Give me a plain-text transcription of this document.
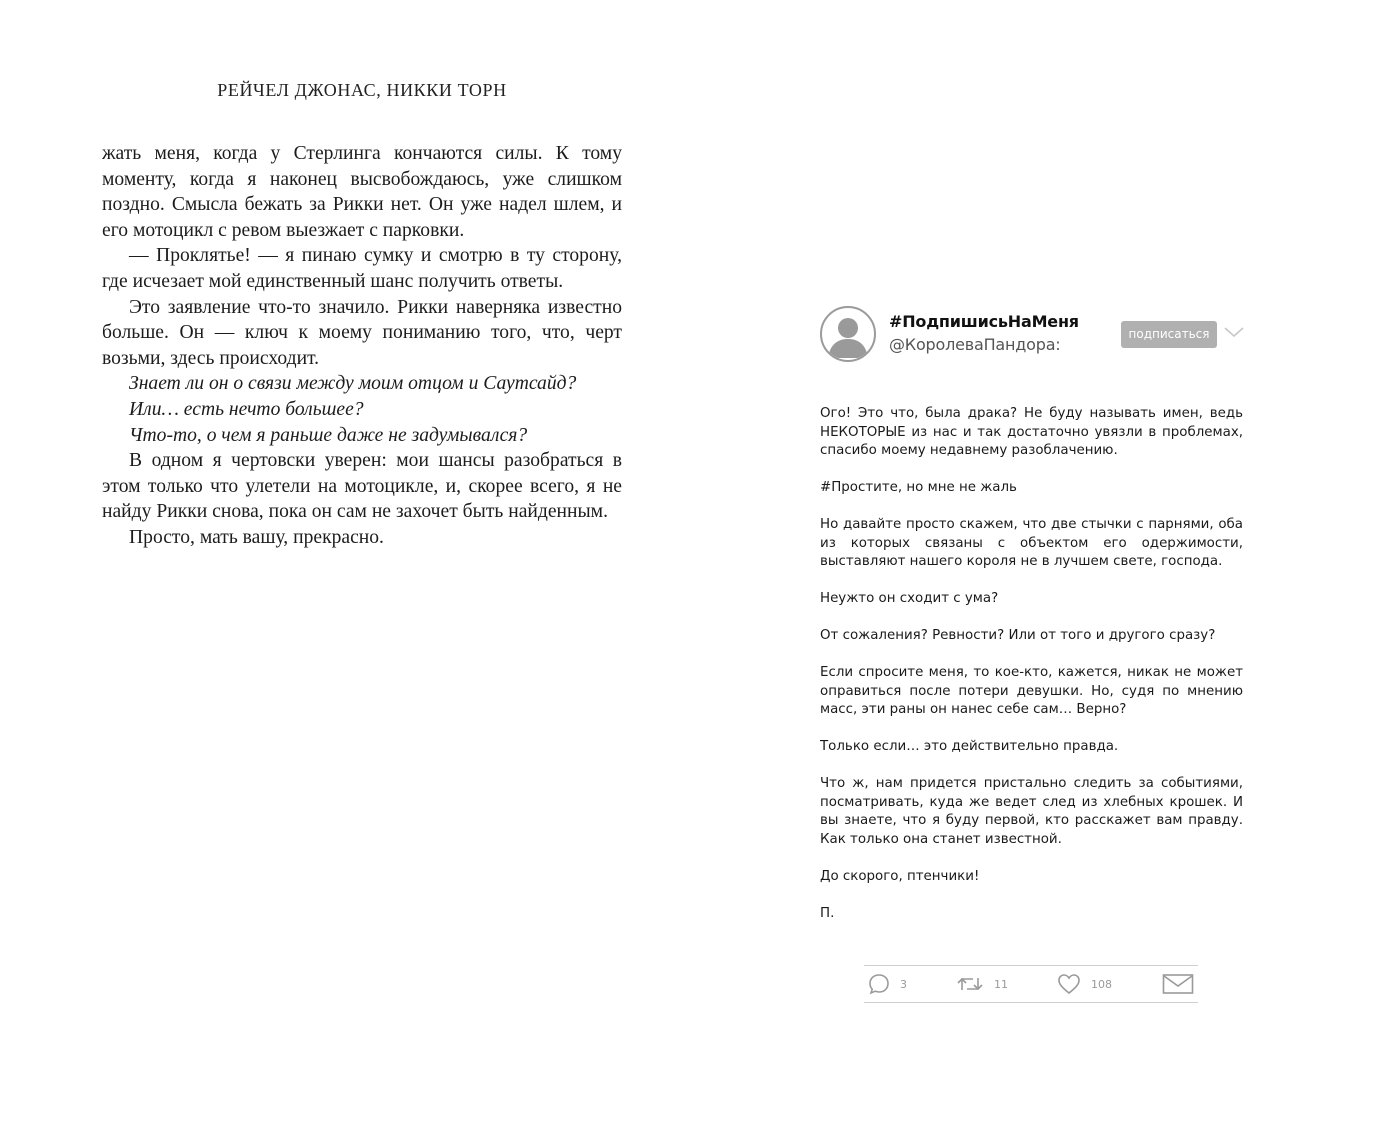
РЕЙЧЕЛ ДЖОНАС, НИККИ ТОРН

жать меня, когда у Стерлинга кончаются силы. К тому моменту, когда я наконец высвобождаюсь, уже слишком поздно. Смысла бежать за Рикки нет. Он уже надел шлем, и его мотоцикл с ревом выезжает с парковки.

— Проклятье! — я пинаю сумку и смотрю в ту сторону, где исчезает мой единственный шанс получить ответы.

Это заявление что-то значило. Рикки наверняка известно больше. Он — ключ к моему пониманию того, что, черт возьми, здесь происходит.

Знает ли он о связи между моим отцом и Саутсайд?

Или… есть нечто большее?

Что-то, о чем я раньше даже не задумывался?

В одном я чертовски уверен: мои шансы разобраться в этом только что улетели на мотоцикле, и, скорее всего, я не найду Рикки снова, пока он сам не захочет быть найденным.

Просто, мать вашу, прекрасно.

#ПодпишисьНаМеня
@КоролеваПандора:
подписаться

Ого! Это что, была драка? Не буду называть имен, ведь НЕКОТОРЫЕ из нас и так достаточно увязли в проблемах, спасибо моему недавнему разоблачению.

#Простите, но мне не жаль

Но давайте просто скажем, что две стычки с парнями, оба из которых связаны с объектом его одержимости, выставляют нашего короля не в лучшем свете, господа.

Неужто он сходит с ума?

От сожаления? Ревности? Или от того и другого сразу?

Если спросите меня, то кое-кто, кажется, никак не может оправиться после потери девушки. Но, судя по мнению масс, эти раны он нанес себе сам… Верно?

Только если… это действительно правда.

Что ж, нам придется пристально следить за событиями, посматривать, куда же ведет след из хлебных крошек. И вы знаете, что я буду первой, кто расскажет вам правду. Как только она станет известной.

До скорого, птенчики!

П.

3	11	108
